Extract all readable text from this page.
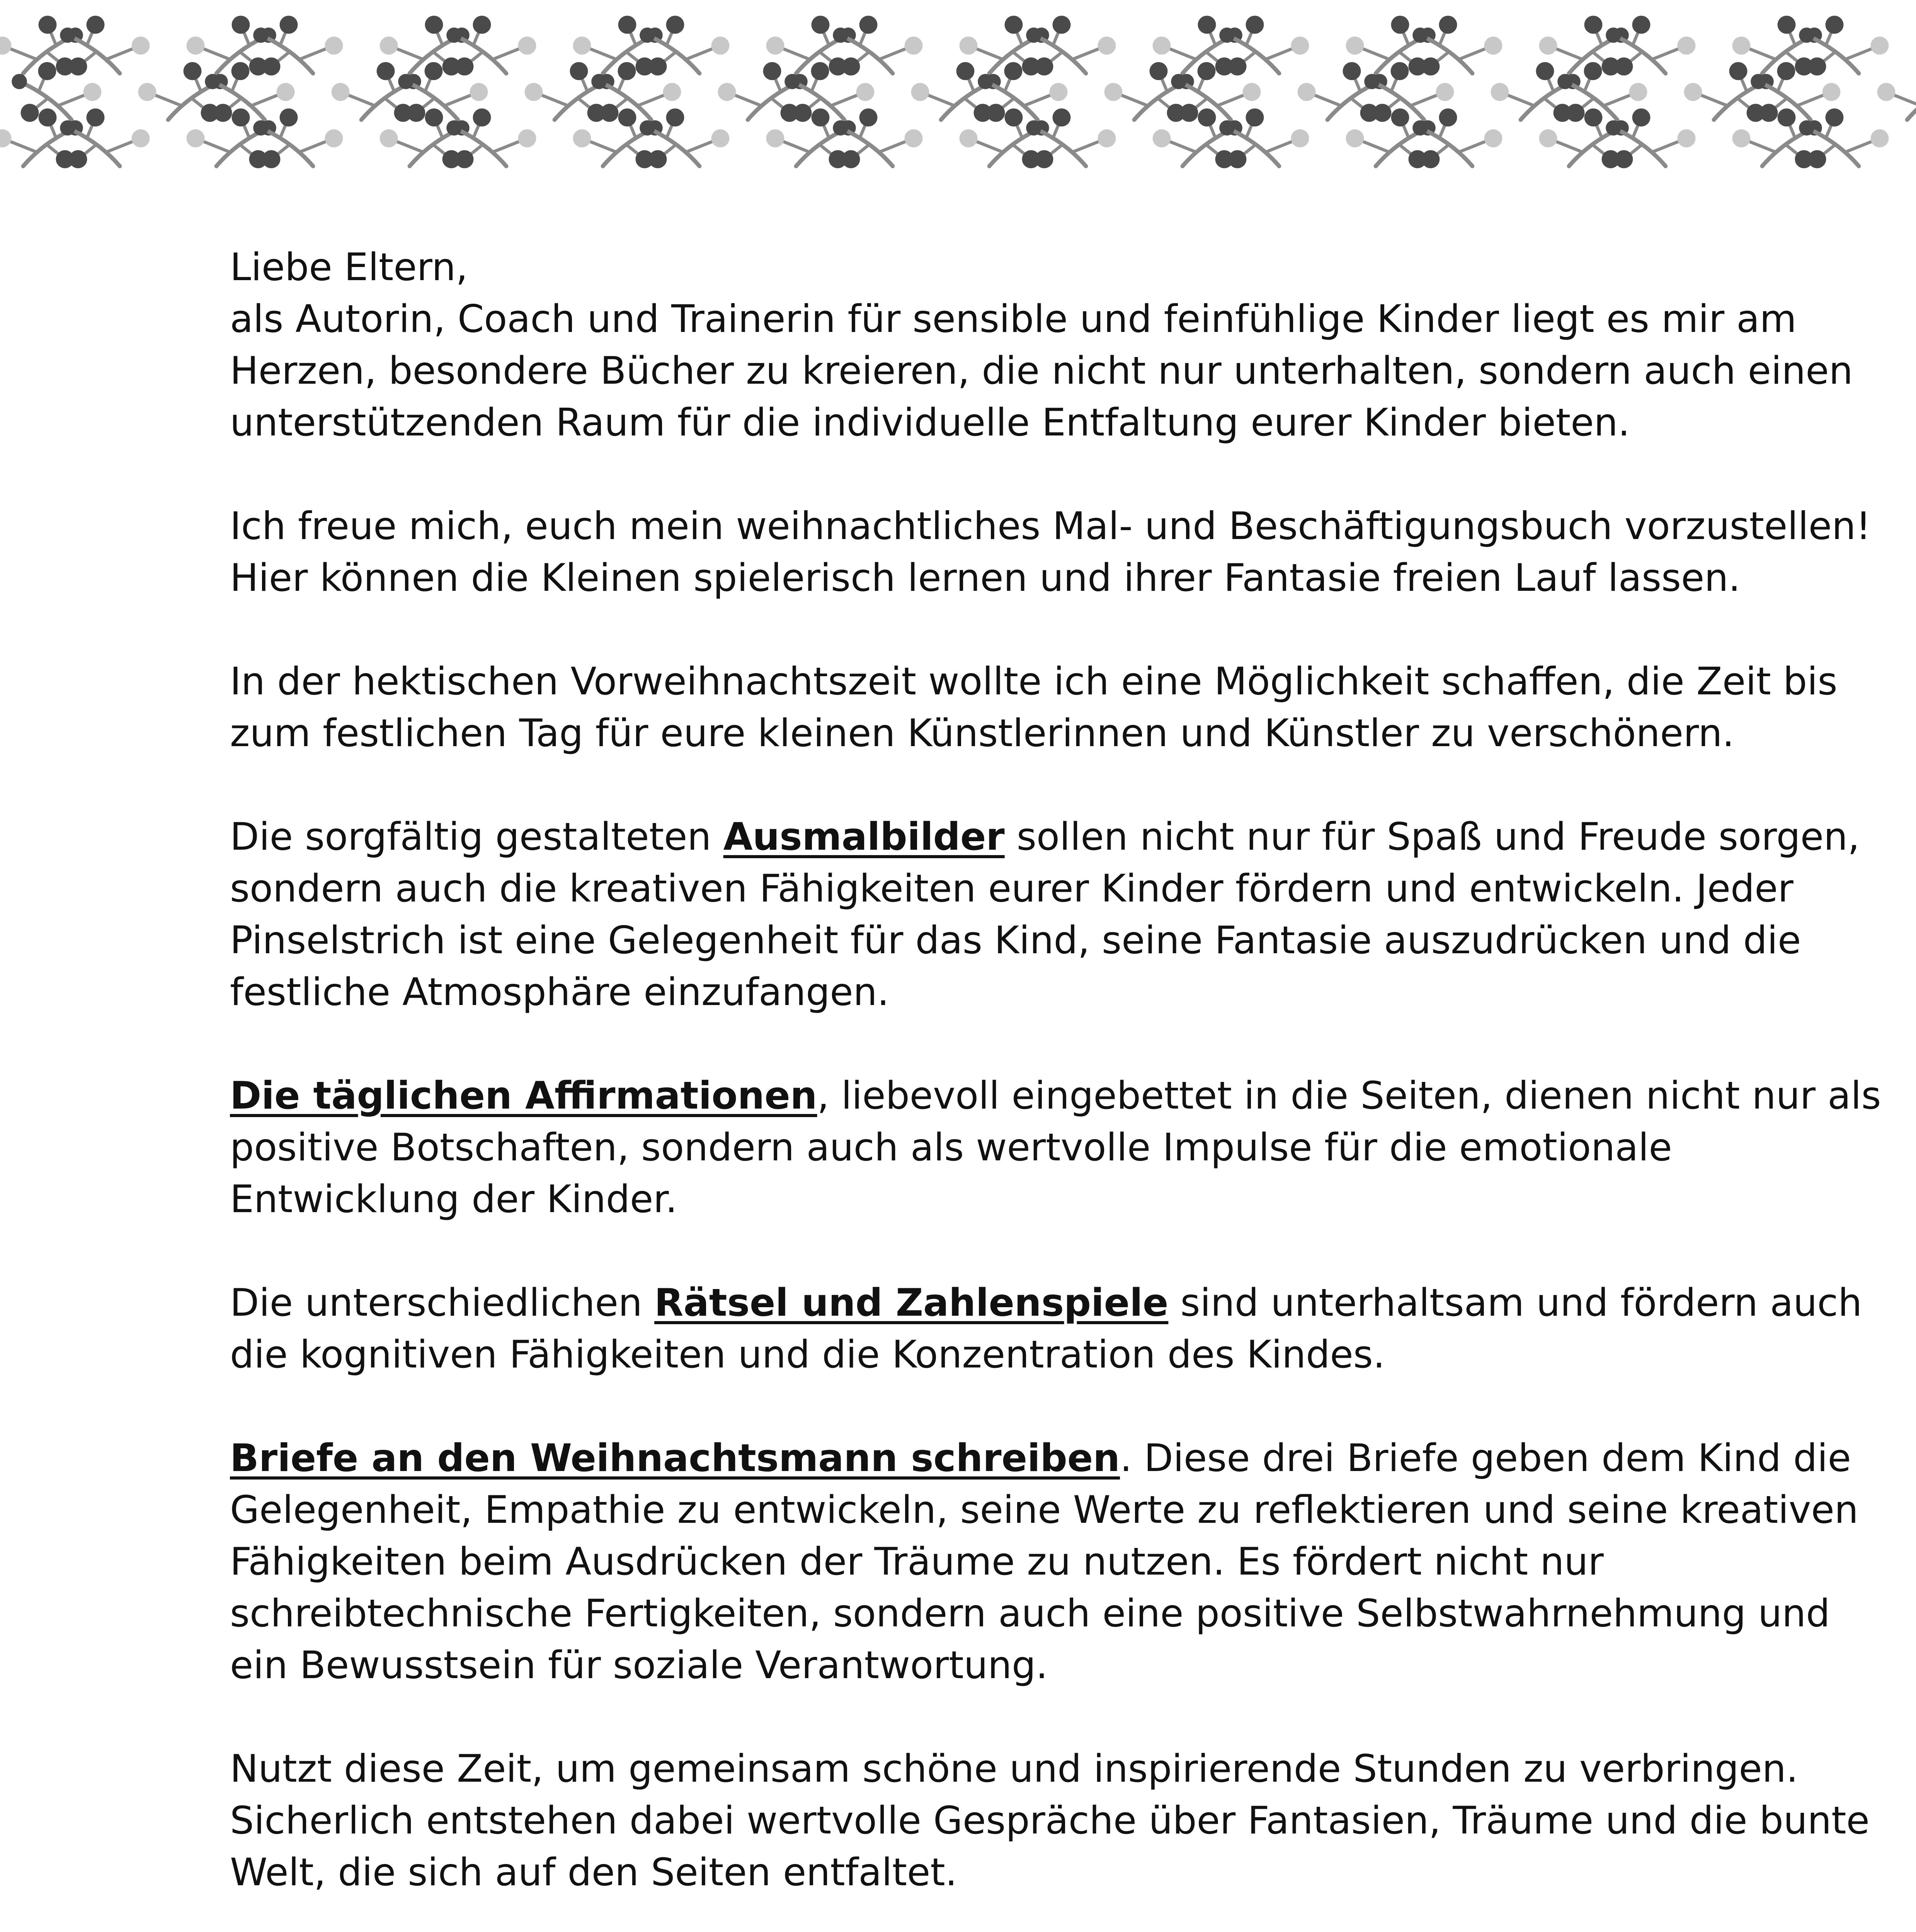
Liebe Eltern,

als Autorin, Coach und Trainerin für sensible und feinfühlige Kinder liegt es mir am
Herzen, besondere Bücher zu kreieren, die nicht nur unterhalten, sondern auch einen
unterstützenden Raum für die individuelle Entfaltung eurer Kinder bieten.

Ich freue mich, euch mein weihnachtliches Mal- und Beschäftigungsbuch vorzustellen!
Hier können die Kleinen spielerisch lernen und ihrer Fantasie freien Lauf lassen.

In der hektischen Vorweihnachtszeit wollte ich eine Möglichkeit schaffen, die Zeit bis
zum festlichen Tag für eure kleinen Künstlerinnen und Künstler zu verschönern.

Die sorgfältig gestalteten Ausmalbilder sollen nicht nur für Spaß und Freude sorgen,
sondern auch die kreativen Fähigkeiten eurer Kinder fördern und entwickeln. Jeder
Pinselstrich ist eine Gelegenheit für das Kind, seine Fantasie auszudrücken und die
festliche Atmosphäre einzufangen.

Die täglichen Affirmationen, liebevoll eingebettet in die Seiten, dienen nicht nur als
positive Botschaften, sondern auch als wertvolle Impulse für die emotionale
Entwicklung der Kinder.

Die unterschiedlichen Rätsel und Zahlenspiele sind unterhaltsam und fördern auch
die kognitiven Fähigkeiten und die Konzentration des Kindes.

Briefe an den Weihnachtsmann schreiben. Diese drei Briefe geben dem Kind die
Gelegenheit, Empathie zu entwickeln, seine Werte zu reflektieren und seine kreativen
Fähigkeiten beim Ausdrücken der Träume zu nutzen. Es fördert nicht nur
schreibtechnische Fertigkeiten, sondern auch eine positive Selbstwahrnehmung und
ein Bewusstsein für soziale Verantwortung.

Nutzt diese Zeit, um gemeinsam schöne und inspirierende Stunden zu verbringen.
Sicherlich entstehen dabei wertvolle Gespräche über Fantasien, Träume und die bunte
Welt, die sich auf den Seiten entfaltet.
